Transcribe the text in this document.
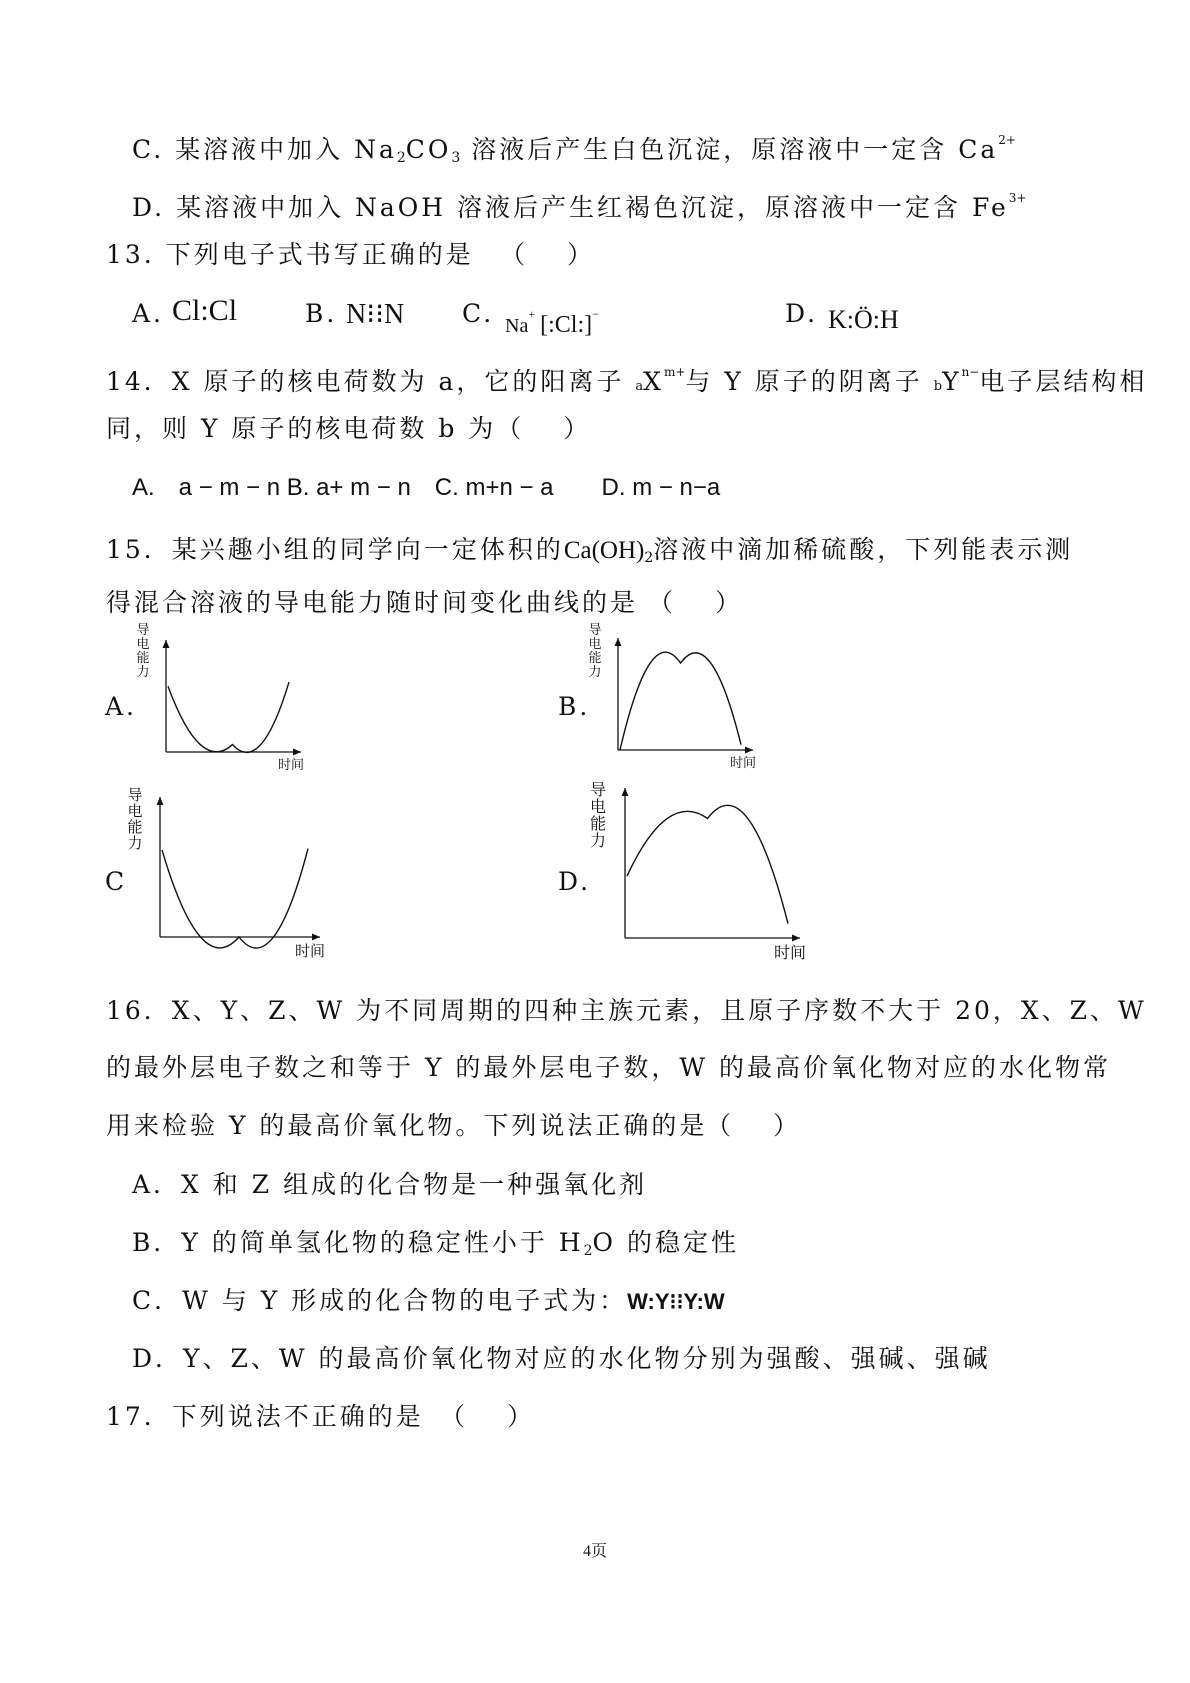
C. 某溶液中加入 $Na_2CO_3$ 溶液后产生白色沉淀，原溶液中一定含 $Ca^{2+}$
D. 某溶液中加入 NaOH 溶液后产生红褐色沉淀，原溶液中一定含 $Fe^{3+}$
13. 下列电子式书写正确的是 （　 ）
A. Cl:Cl	B. N⁝⁝N C. Na+ [:Cl:]−	D. K:Ö:H
14．X 原子的核电荷数为 a，它的阳离子 $aX^{m+}$与 Y 原子的阴离子 $bY^{n-}$电子层结构相
同，则 Y 原子的核电荷数 b 为（　 ）
A.　a − m − n B. a+ m − n　C. m+n − a　　D. m − n−a
15．某兴趣小组的同学向一定体积的$Ca(OH)_2$溶液中滴加稀硫酸，下列能表示测
得混合溶液的导电能力随时间变化曲线的是 （　 ）
A.	B.
C	D.
导
电
能
力
时间
导
电
能
力
时间
导
电
能
力
时间
导
电
能
力
时间
16．X、Y、Z、W 为不同周期的四种主族元素，且原子序数不大于 20，X、Z、W
的最外层电子数之和等于 Y 的最外层电子数，W 的最高价氧化物对应的水化物常
用来检验 Y 的最高价氧化物。下列说法正确的是
（　 ）
A．X 和 Z 组成的化合物是一种强氧化剂
B．Y 的简单氢化物的稳定性小于 $H_2O$ 的稳定性
C．W 与 Y 形成的化合物的电子式为：W:Y⁝⁝Y:W
D．Y、Z、W 的最高价氧化物对应的水化物分别为强酸、强碱、强碱
17．下列说法不正确的是 （　 ）
4页
